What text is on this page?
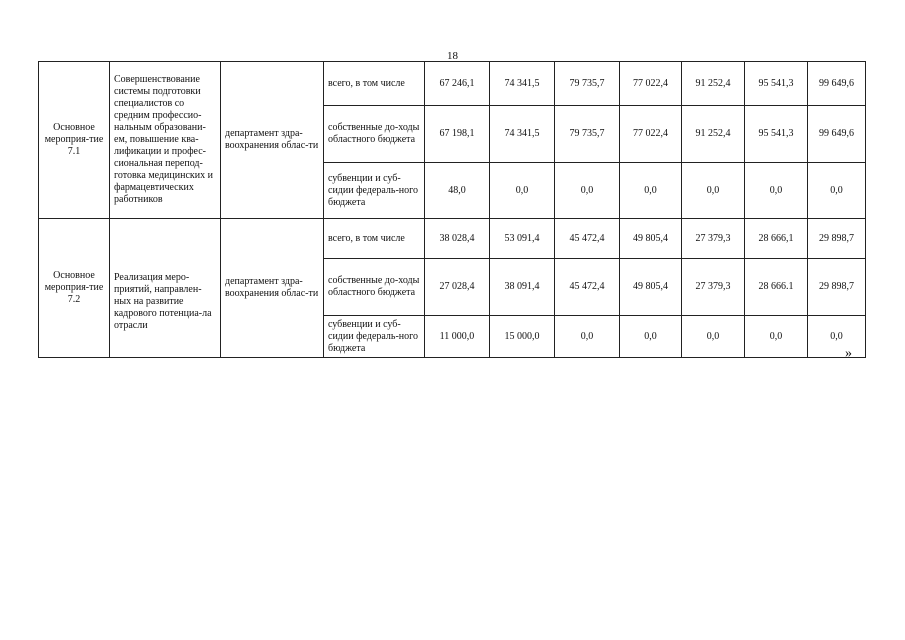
18
Основное мероприя-тие 7.1	Совершенствование системы подготовки специалистов со средним профессио-нальным образовани-ем, повышение ква-лификации и профес-сиональная перепод-готовка медицинских и фармацевтических работников	департамент здра-воохранения облас-ти	всего, в том числе	67 246,1	74 341,5	79 735,7	77 022,4	91 252,4	95 541,3	99 649,6
			собственные до-ходы областного бюджета	67 198,1	74 341,5	79 735,7	77 022,4	91 252,4	95 541,3	99 649,6
			субвенции и суб-сидии федераль-ного бюджета	48,0	0,0	0,0	0,0	0,0	0,0	0,0
Основное мероприя-тие 7.2	Реализация меро-приятий, направлен-ных на развитие кадрового потенциа-ла отрасли	департамент здра-воохранения облас-ти	всего, в том числе	38 028,4	53 091,4	45 472,4	49 805,4	27 379,3	28 666,1	29 898,7
			собственные до-ходы областного бюджета	27 028,4	38 091,4	45 472,4	49 805,4	27 379,3	28 666.1	29 898,7
			субвенции и суб-сидии федераль-ного бюджета	11 000,0	15 000,0	0,0	0,0	0,0	0,0	0,0
»
